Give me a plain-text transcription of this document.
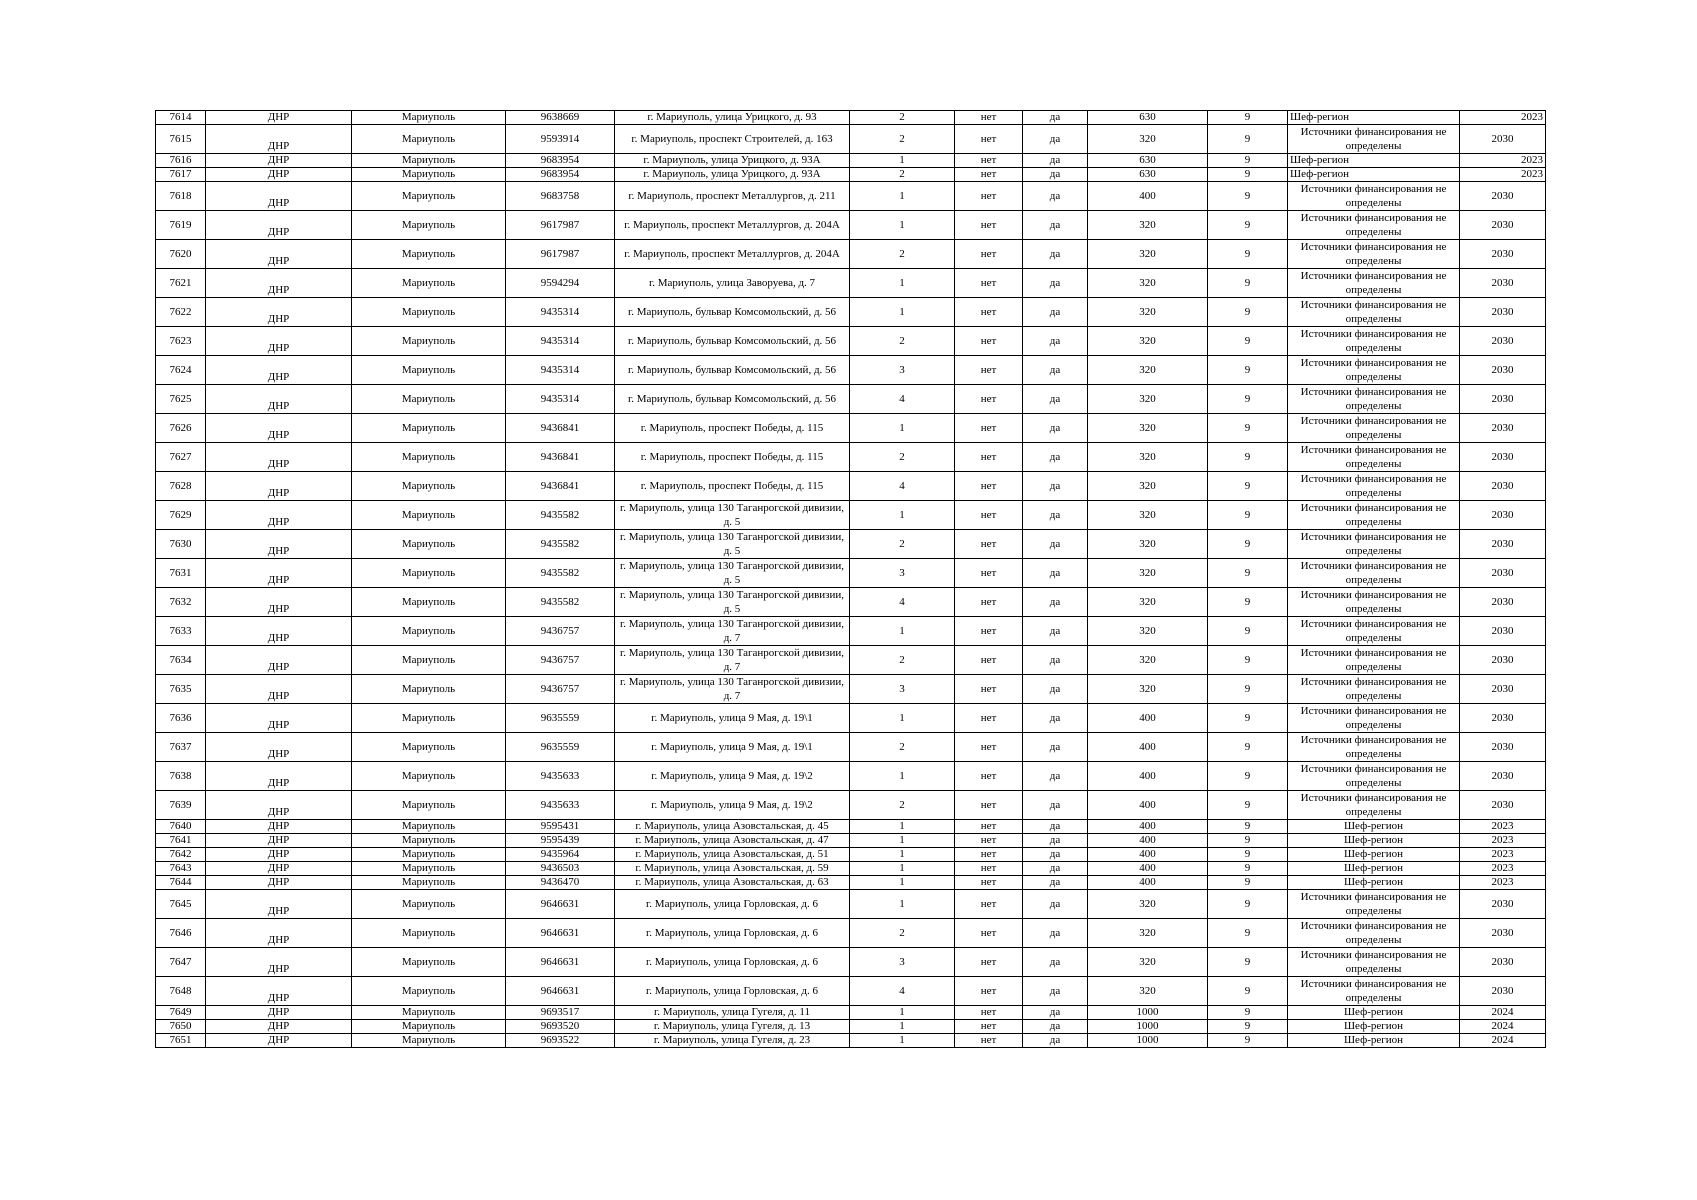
7614	ДНР	Мариуполь	9638669	г. Мариуполь, улица Урицкого, д. 93	2	нет	да	630	9	Шеф-регион	2023
7615	ДНР	Мариуполь	9593914	г. Мариуполь, проспект Строителей, д. 163	2	нет	да	320	9	Источники финансирования не определены	2030
7616	ДНР	Мариуполь	9683954	г. Мариуполь, улица Урицкого, д. 93А	1	нет	да	630	9	Шеф-регион	2023
7617	ДНР	Мариуполь	9683954	г. Мариуполь, улица Урицкого, д. 93А	2	нет	да	630	9	Шеф-регион	2023
7618	ДНР	Мариуполь	9683758	г. Мариуполь, проспект Металлургов, д. 211	1	нет	да	400	9	Источники финансирования не определены	2030
7619	ДНР	Мариуполь	9617987	г. Мариуполь, проспект Металлургов, д. 204А	1	нет	да	320	9	Источники финансирования не определены	2030
7620	ДНР	Мариуполь	9617987	г. Мариуполь, проспект Металлургов, д. 204А	2	нет	да	320	9	Источники финансирования не определены	2030
7621	ДНР	Мариуполь	9594294	г. Мариуполь, улица Заворуева, д. 7	1	нет	да	320	9	Источники финансирования не определены	2030
7622	ДНР	Мариуполь	9435314	г. Мариуполь, бульвар Комсомольский, д. 56	1	нет	да	320	9	Источники финансирования не определены	2030
7623	ДНР	Мариуполь	9435314	г. Мариуполь, бульвар Комсомольский, д. 56	2	нет	да	320	9	Источники финансирования не определены	2030
7624	ДНР	Мариуполь	9435314	г. Мариуполь, бульвар Комсомольский, д. 56	3	нет	да	320	9	Источники финансирования не определены	2030
7625	ДНР	Мариуполь	9435314	г. Мариуполь, бульвар Комсомольский, д. 56	4	нет	да	320	9	Источники финансирования не определены	2030
7626	ДНР	Мариуполь	9436841	г. Мариуполь, проспект Победы, д. 115	1	нет	да	320	9	Источники финансирования не определены	2030
7627	ДНР	Мариуполь	9436841	г. Мариуполь, проспект Победы, д. 115	2	нет	да	320	9	Источники финансирования не определены	2030
7628	ДНР	Мариуполь	9436841	г. Мариуполь, проспект Победы, д. 115	4	нет	да	320	9	Источники финансирования не определены	2030
7629	ДНР	Мариуполь	9435582	г. Мариуполь, улица 130 Таганрогской дивизии, д. 5	1	нет	да	320	9	Источники финансирования не определены	2030
7630	ДНР	Мариуполь	9435582	г. Мариуполь, улица 130 Таганрогской дивизии, д. 5	2	нет	да	320	9	Источники финансирования не определены	2030
7631	ДНР	Мариуполь	9435582	г. Мариуполь, улица 130 Таганрогской дивизии, д. 5	3	нет	да	320	9	Источники финансирования не определены	2030
7632	ДНР	Мариуполь	9435582	г. Мариуполь, улица 130 Таганрогской дивизии, д. 5	4	нет	да	320	9	Источники финансирования не определены	2030
7633	ДНР	Мариуполь	9436757	г. Мариуполь, улица 130 Таганрогской дивизии, д. 7	1	нет	да	320	9	Источники финансирования не определены	2030
7634	ДНР	Мариуполь	9436757	г. Мариуполь, улица 130 Таганрогской дивизии, д. 7	2	нет	да	320	9	Источники финансирования не определены	2030
7635	ДНР	Мариуполь	9436757	г. Мариуполь, улица 130 Таганрогской дивизии, д. 7	3	нет	да	320	9	Источники финансирования не определены	2030
7636	ДНР	Мариуполь	9635559	г. Мариуполь, улица 9 Мая, д. 19\1	1	нет	да	400	9	Источники финансирования не определены	2030
7637	ДНР	Мариуполь	9635559	г. Мариуполь, улица 9 Мая, д. 19\1	2	нет	да	400	9	Источники финансирования не определены	2030
7638	ДНР	Мариуполь	9435633	г. Мариуполь, улица 9 Мая, д. 19\2	1	нет	да	400	9	Источники финансирования не определены	2030
7639	ДНР	Мариуполь	9435633	г. Мариуполь, улица 9 Мая, д. 19\2	2	нет	да	400	9	Источники финансирования не определены	2030
7640	ДНР	Мариуполь	9595431	г. Мариуполь, улица Азовстальская, д. 45	1	нет	да	400	9	Шеф-регион	2023
7641	ДНР	Мариуполь	9595439	г. Мариуполь, улица Азовстальская, д. 47	1	нет	да	400	9	Шеф-регион	2023
7642	ДНР	Мариуполь	9435964	г. Мариуполь, улица Азовстальская, д. 51	1	нет	да	400	9	Шеф-регион	2023
7643	ДНР	Мариуполь	9436503	г. Мариуполь, улица Азовстальская, д. 59	1	нет	да	400	9	Шеф-регион	2023
7644	ДНР	Мариуполь	9436470	г. Мариуполь, улица Азовстальская, д. 63	1	нет	да	400	9	Шеф-регион	2023
7645	ДНР	Мариуполь	9646631	г. Мариуполь, улица Горловская, д. 6	1	нет	да	320	9	Источники финансирования не определены	2030
7646	ДНР	Мариуполь	9646631	г. Мариуполь, улица Горловская, д. 6	2	нет	да	320	9	Источники финансирования не определены	2030
7647	ДНР	Мариуполь	9646631	г. Мариуполь, улица Горловская, д. 6	3	нет	да	320	9	Источники финансирования не определены	2030
7648	ДНР	Мариуполь	9646631	г. Мариуполь, улица Горловская, д. 6	4	нет	да	320	9	Источники финансирования не определены	2030
7649	ДНР	Мариуполь	9693517	г. Мариуполь, улица Гугеля, д. 11	1	нет	да	1000	9	Шеф-регион	2024
7650	ДНР	Мариуполь	9693520	г. Мариуполь, улица Гугеля, д. 13	1	нет	да	1000	9	Шеф-регион	2024
7651	ДНР	Мариуполь	9693522	г. Мариуполь, улица Гугеля, д. 23	1	нет	да	1000	9	Шеф-регион	2024
